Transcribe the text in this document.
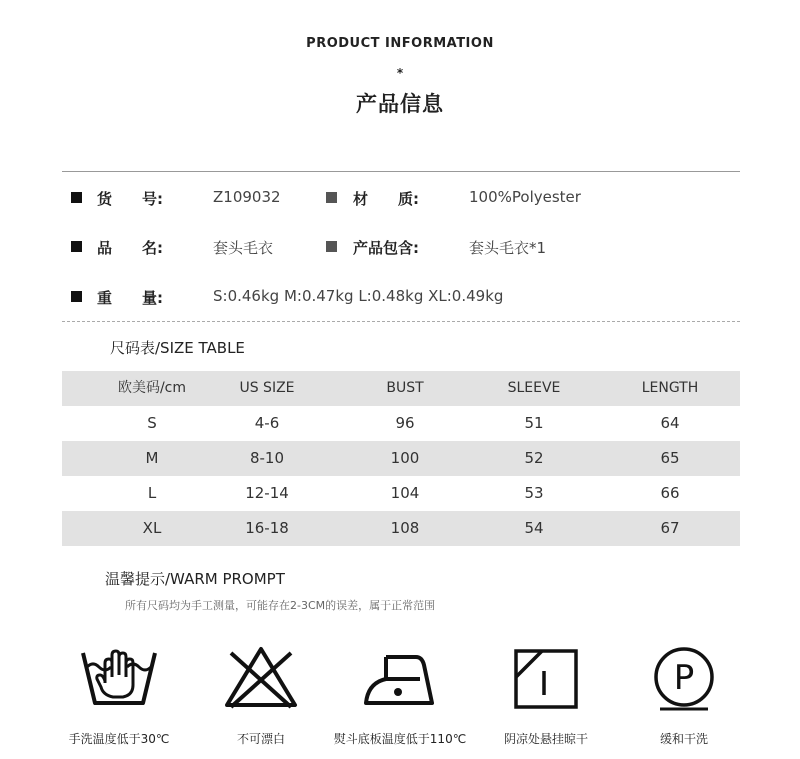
PRODUCT INFORMATION
*
产品信息
货　　号:	Z109032	材　　质:	100%Polyester
品　　名:	套头毛衣	产品包含:	套头毛衣*1
重　　量:	S:0.46kg M:0.47kg L:0.48kg XL:0.49kg
尺码表/SIZE TABLE
欧美码/cm	US SIZE	BUST	SLEEVE	LENGTH
S	4-6	96	51	64
M	8-10	100	52	65
L	12-14	104	53	66
XL	16-18	108	54	67
温馨提示/WARM PROMPT
所有尺码均为手工测量，可能存在2-3CM的误差，属于正常范围
手洗温度低于30℃	不可漂白	熨斗底板温度低于110℃	阴凉处悬挂晾干
P
缓和干洗
